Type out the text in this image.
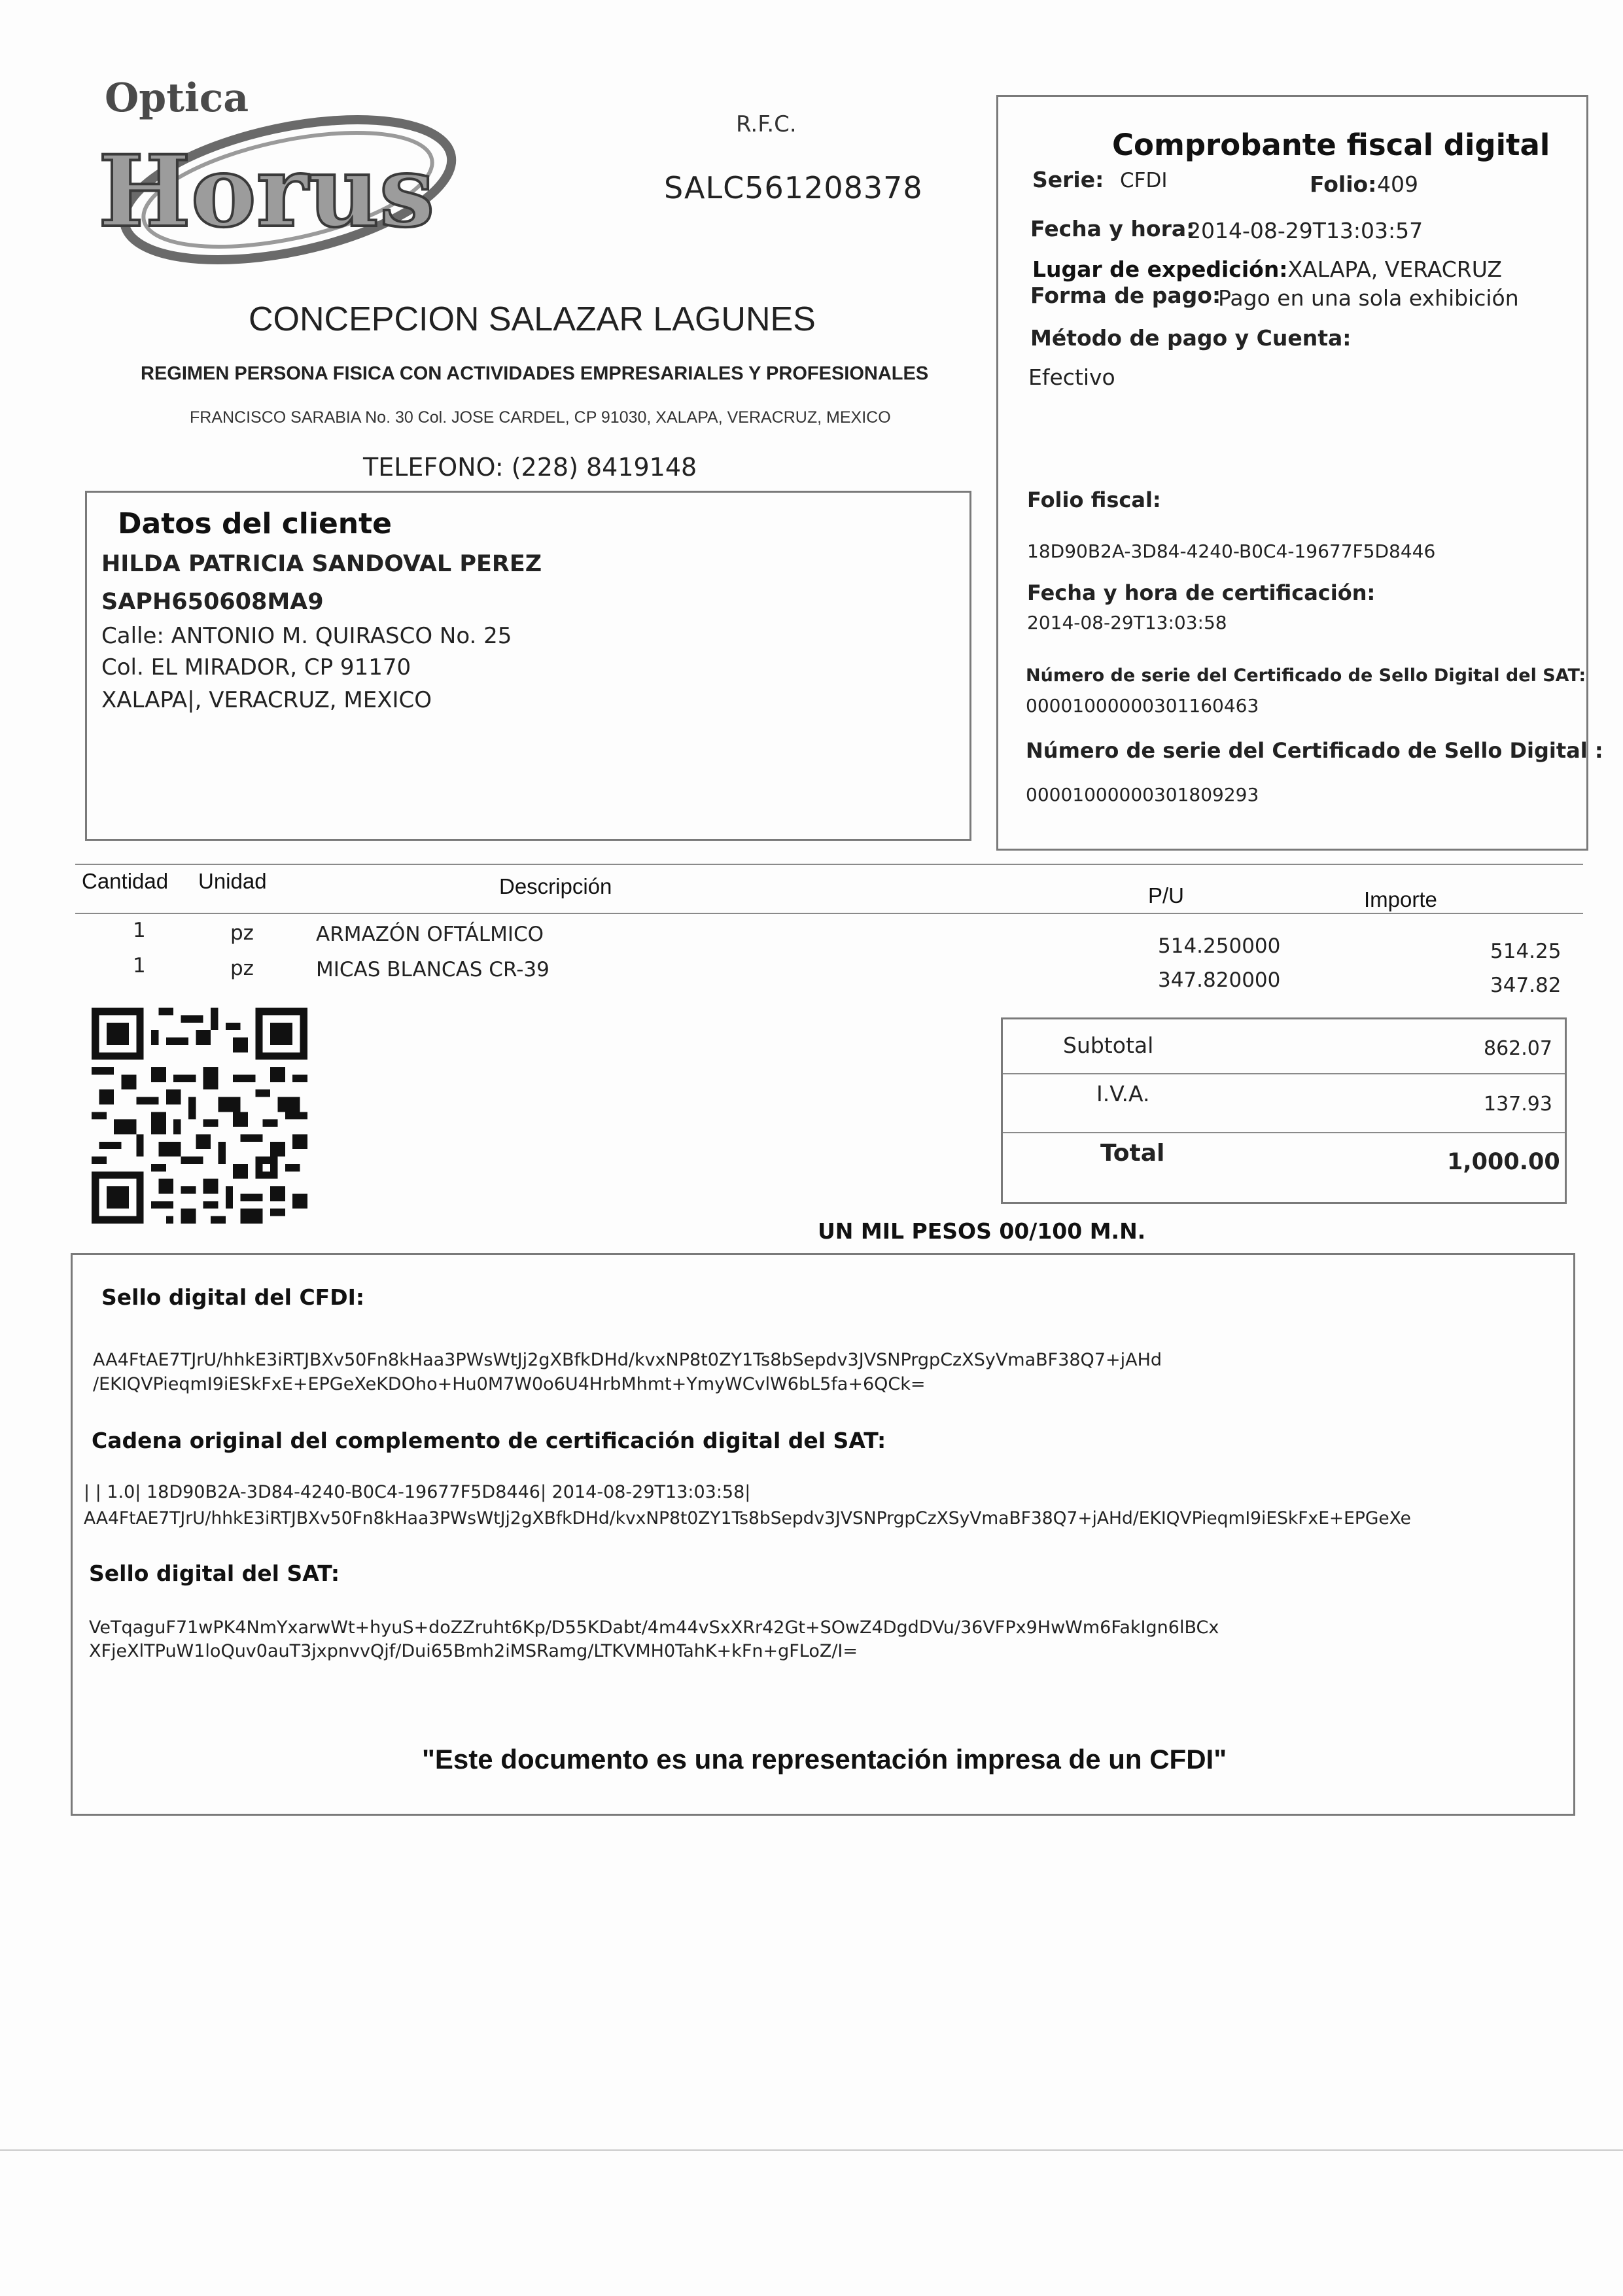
Optica
Horus
R.F.C.
SALC561208378
CONCEPCION SALAZAR LAGUNES
REGIMEN PERSONA FISICA CON ACTIVIDADES EMPRESARIALES Y PROFESIONALES
FRANCISCO SARABIA No. 30 Col. JOSE CARDEL, CP 91030, XALAPA, VERACRUZ, MEXICO
TELEFONO: (228) 8419148
Comprobante fiscal digital
Serie: CFDI	Folio: 409
Fecha y hora:
2014-08-29T13:03:57
Lugar de expedición:XALAPA, VERACRUZ
Forma de pago:
Pago en una sola exhibición
Método de pago y Cuenta:
Efectivo
Folio fiscal:
18D90B2A-3D84-4240-B0C4-19677F5D8446
Fecha y hora de certificación:
2014-08-29T13:03:58
Número de serie del Certificado de Sello Digital del SAT:
00001000000301160463
Número de serie del Certificado de Sello Digital :
00001000000301809293
Datos del cliente
HILDA PATRICIA SANDOVAL PEREZ
SAPH650608MA9
Calle: ANTONIO M. QUIRASCO No. 25
Col. EL MIRADOR, CP 91170
XALAPA|, VERACRUZ, MEXICO
Cantidad Unidad	Descripción	P/U	Importe
1	pz	ARMAZÓN OFTÁLMICO	514.250000	514.25
1	pz	MICAS BLANCAS CR-39	347.820000	347.82
Subtotal	862.07
I.V.A.	137.93
Total	1,000.00
UN MIL PESOS 00/100 M.N.
Sello digital del CFDI:
AA4FtAE7TJrU/hhkE3iRTJBXv50Fn8kHaa3PWsWtJj2gXBfkDHd/kvxNP8t0ZY1Ts8bSepdv3JVSNPrgpCzXSyVmaBF38Q7+jAHd
/EKIQVPieqmI9iESkFxE+EPGeXeKDOho+Hu0M7W0o6U4HrbMhmt+YmyWCvlW6bL5fa+6QCk=
Cadena original del complemento de certificación digital del SAT:
| | 1.0| 18D90B2A-3D84-4240-B0C4-19677F5D8446| 2014-08-29T13:03:58|
AA4FtAE7TJrU/hhkE3iRTJBXv50Fn8kHaa3PWsWtJj2gXBfkDHd/kvxNP8t0ZY1Ts8bSepdv3JVSNPrgpCzXSyVmaBF38Q7+jAHd/EKIQVPieqmI9iESkFxE+EPGeXe
Sello digital del SAT:
VeTqaguF71wPK4NmYxarwWt+hyuS+doZZruht6Kp/D55KDabt/4m44vSxXRr42Gt+SOwZ4DgdDVu/36VFPx9HwWm6FakIgn6lBCx
XFjeXlTPuW1loQuv0auT3jxpnvvQjf/Dui65Bmh2iMSRamg/LTKVMH0TahK+kFn+gFLoZ/I=
"Este documento es una representación impresa de un CFDI"
